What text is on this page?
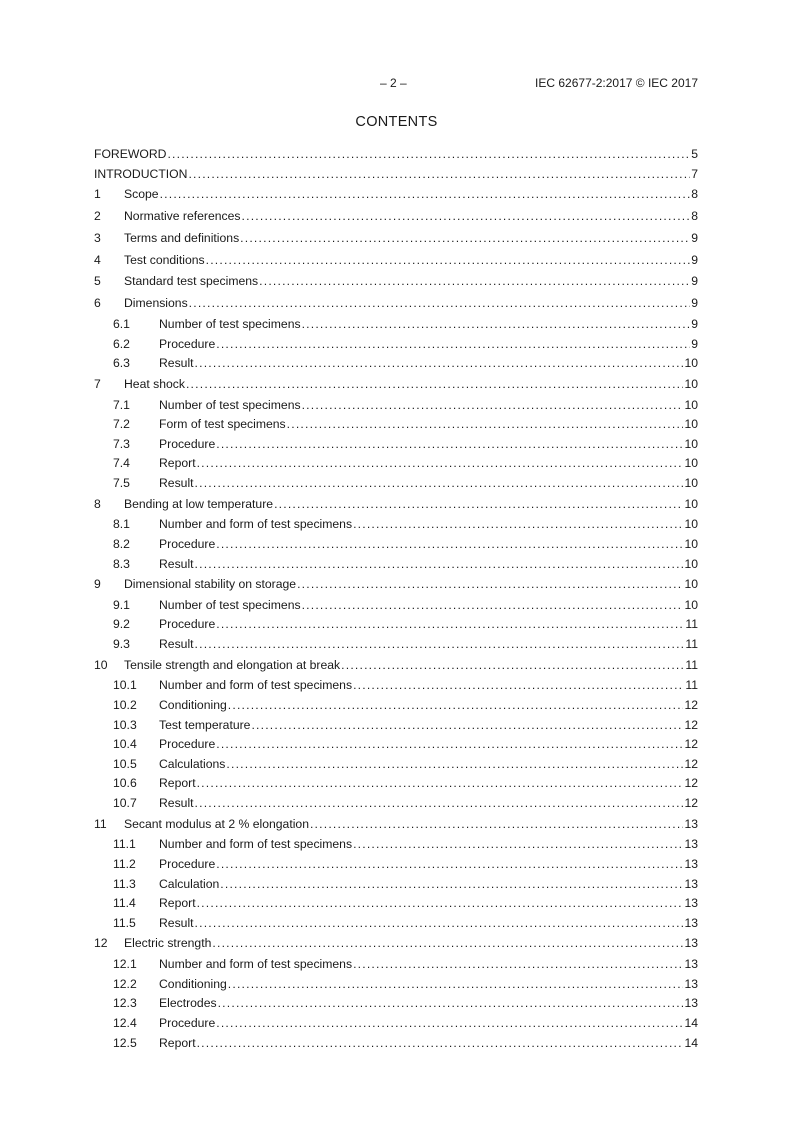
– 2 –	IEC 62677-2:2017 © IEC 2017
CONTENTS
FOREWORD .....	5
INTRODUCTION .....	7
1	Scope .....	8
2	Normative references .....	8
3	Terms and definitions .....	9
4	Test conditions .....	9
5	Standard test specimens .....	9
6	Dimensions .....	9
6.1	Number of test specimens .....	9
6.2	Procedure .....	9
6.3	Result .....	10
7	Heat shock .....	10
7.1	Number of test specimens .....	10
7.2	Form of test specimens .....	10
7.3	Procedure .....	10
7.4	Report .....	10
7.5	Result .....	10
8	Bending at low temperature .....	10
8.1	Number and form of test specimens .....	10
8.2	Procedure .....	10
8.3	Result .....	10
9	Dimensional stability on storage .....	10
9.1	Number of test specimens .....	10
9.2	Procedure .....	11
9.3	Result .....	11
10	Tensile strength and elongation at break .....	11
10.1	Number and form of test specimens .....	11
10.2	Conditioning .....	12
10.3	Test temperature .....	12
10.4	Procedure .....	12
10.5	Calculations .....	12
10.6	Report .....	12
10.7	Result .....	12
11	Secant modulus at 2 % elongation .....	13
11.1	Number and form of test specimens .....	13
11.2	Procedure .....	13
11.3	Calculation .....	13
11.4	Report .....	13
11.5	Result .....	13
12	Electric strength .....	13
12.1	Number and form of test specimens .....	13
12.2	Conditioning .....	13
12.3	Electrodes .....	13
12.4	Procedure .....	14
12.5	Report .....	14
